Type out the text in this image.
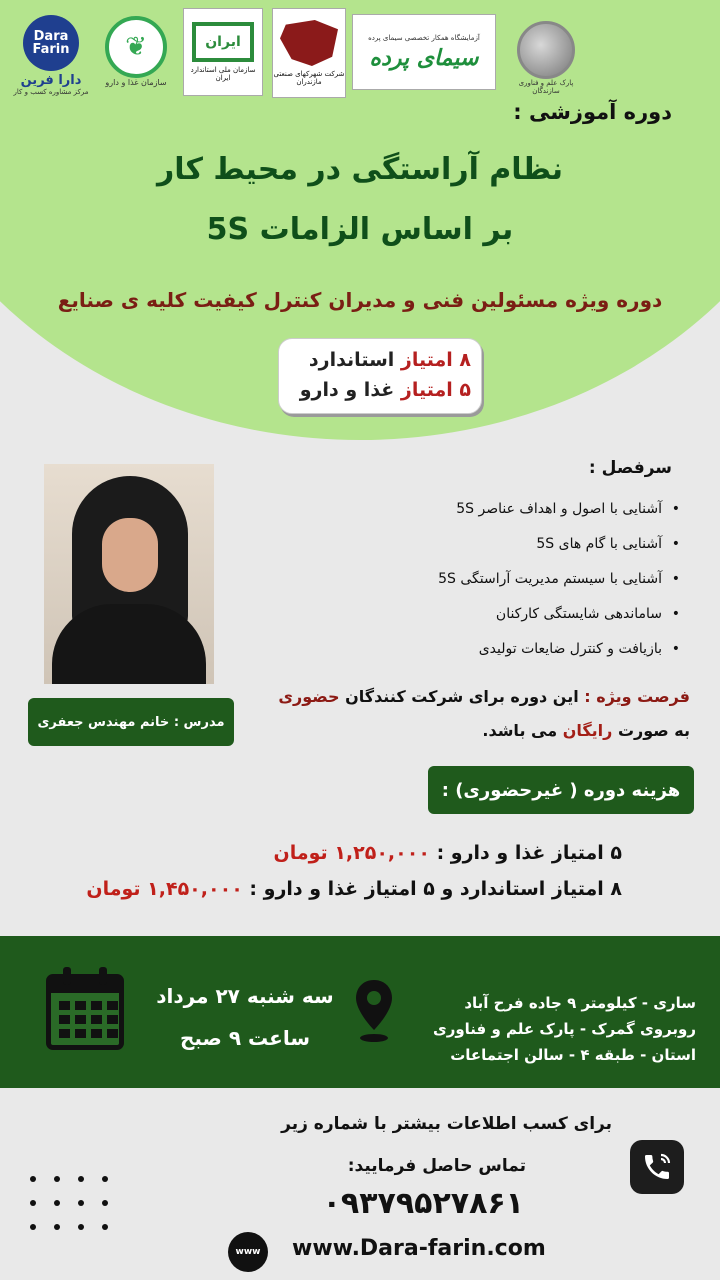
Dara Farin
دارا فرین
مرکز مشاوره کسب و کار
❦
سازمان غذا و دارو
ایران
سازمان ملی استاندارد ایران	شرکت شهرکهای صنعتی مازندران
آزمایشگاه همکار تخصصی سیمای پرده
سیمای پرده
پارک علم و فناوری سازندگان
دوره آموزشی :
نظام آراستگی در محیط کار
بر اساس الزامات 5S
دوره ویژه مسئولین فنی و مدیران کنترل کیفیت کلیه ی صنایع
۸ امتیاز استاندارد
۵ امتیاز غذا و دارو
مدرس : خانم مهندس جعفری
سرفصل :
• آشنایی با اصول و اهداف عناصر 5S
• آشنایی با گام های 5S
• آشنایی با سیستم مدیریت آراستگی 5S
• ساماندهی شایستگی کارکنان
• بازیافت و کنترل ضایعات تولیدی
فرصت ویژه : این دوره برای شرکت کنندگان حضوری
به صورت رایگان می باشد.
هزینه دوره ( غیرحضوری) :
۵ امتیاز غذا و دارو : ۱,۲۵۰,۰۰۰ تومان
۸ امتیاز استاندارد و ۵ امتیاز غذا و دارو : ۱,۴۵۰,۰۰۰ تومان
سه شنبه ۲۷ مرداد
ساعت ۹ صبح
ساری - کیلومتر ۹ جاده فرح آباد روبروی گمرک - پارک علم و فناوری استان - طبقه ۴ - سالن اجتماعات
برای کسب اطلاعات بیشتر با شماره زیر
تماس حاصل فرمایید:
۰۹۳۷۹۵۲۷۸۶۱
www	www.Dara-farin.com
